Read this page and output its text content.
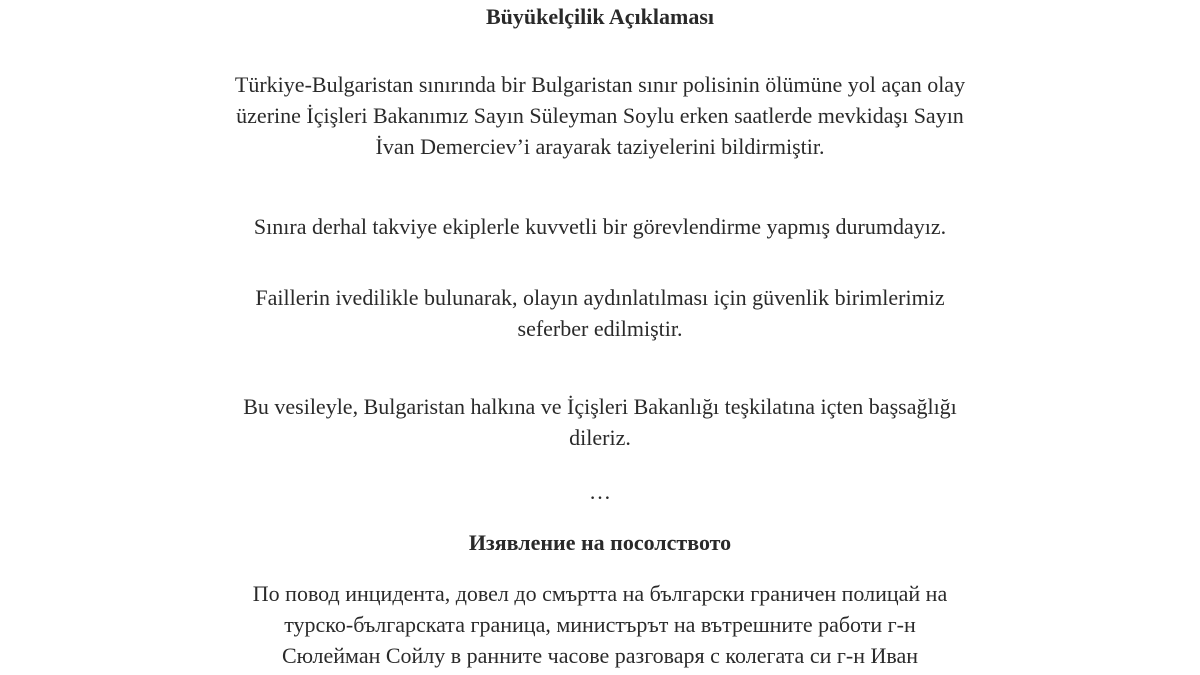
Büyükelçilik Açıklaması
Türkiye-Bulgaristan sınırında bir Bulgaristan sınır polisinin ölümüne yol açan olay
üzerine İçişleri Bakanımız Sayın Süleyman Soylu erken saatlerde mevkidaşı Sayın
İvan Demerciev’i arayarak taziyelerini bildirmiştir.
Sınıra derhal takviye ekiplerle kuvvetli bir görevlendirme yapmış durumdayız.
Faillerin ivedilikle bulunarak, olayın aydınlatılması için güvenlik birimlerimiz
seferber edilmiştir.
Bu vesileyle, Bulgaristan halkına ve İçişleri Bakanlığı teşkilatına içten başsağlığı
dileriz.
…
Изявление на посолството
По повод инцидента, довел до смъртта на български граничен полицай на
турско-българската граница, министърът на вътрешните работи г-н
Сюлейман Сойлу в ранните часове разговаря с колегата си г-н Иван
